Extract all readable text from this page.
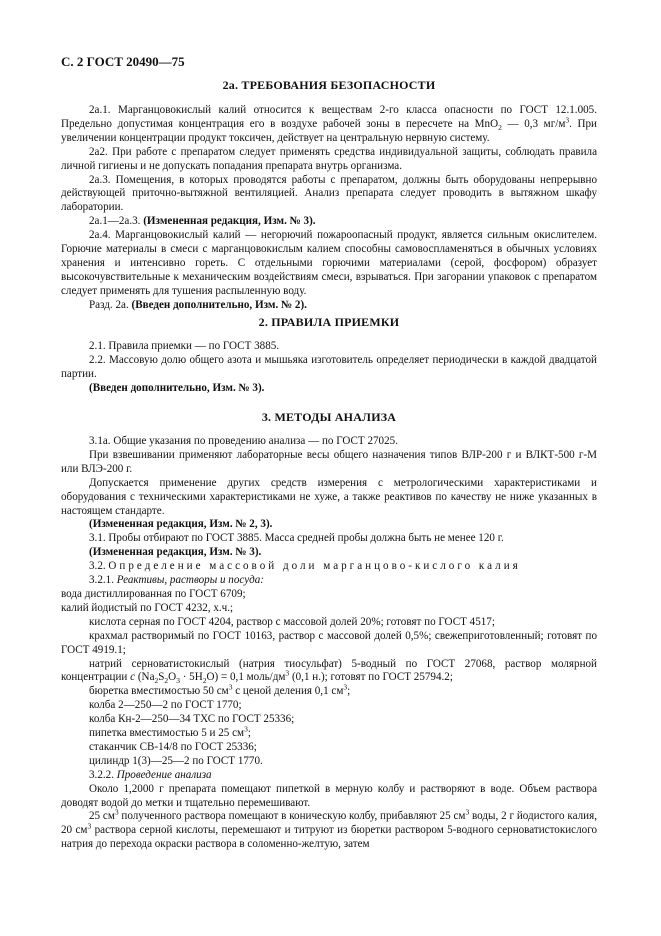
С. 2 ГОСТ 20490—75
2а. ТРЕБОВАНИЯ БЕЗОПАСНОСТИ

2а.1. Марганцовокислый калий относится к веществам 2-го класса опасности по ГОСТ 12.1.005. Предельно допустимая концентрация его в воздухе рабочей зоны в пересчете на MnO$_2$ — 0,3 $мг/м^3$. При увеличении концентрации продукт токсичен, действует на центральную нервную систему.

2а2. При работе с препаратом следует применять средства индивидуальной защиты, соблюдать правила личной гигиены и не допускать попадания препарата внутрь организма.

2а.3. Помещения, в которых проводятся работы с препаратом, должны быть оборудованы непрерывно действующей приточно-вытяжной вентиляцией. Анализ препарата следует проводить в вытяжном шкафу лаборатории.

2а.1—2а.3. (Измененная редакция, Изм. № 3).

2а.4. Марганцовокислый калий — негорючий пожароопасный продукт, является сильным окислителем. Горючие материалы в смеси с марганцовокислым калием способны самовоспламеняться в обычных условиях хранения и интенсивно гореть. С отдельными горючими материалами (серой, фосфором) образует высокочувствительные к механическим воздействиям смеси, взрываться. При загорании упаковок с препаратом следует применять для тушения распыленную воду.

Разд. 2а. (Введен дополнительно, Изм. № 2).

2. ПРАВИЛА ПРИЕМКИ

2.1. Правила приемки — по ГОСТ 3885.

2.2. Массовую долю общего азота и мышьяка изготовитель определяет периодически в каждой двадцатой партии.

(Введен дополнительно, Изм. № 3).

3. МЕТОДЫ АНАЛИЗА

3.1а. Общие указания по проведению анализа — по ГОСТ 27025.

При взвешивании применяют лабораторные весы общего назначения типов ВЛР-200 г и ВЛКТ-500 г-М или ВЛЭ-200 г.

Допускается применение других средств измерения с метрологическими характеристиками и оборудования с техническими характеристиками не хуже, а также реактивов по качеству не ниже указанных в настоящем стандарте.

(Измененная редакция, Изм. № 2, 3).

3.1. Пробы отбирают по ГОСТ 3885. Масса средней пробы должна быть не менее 120 г.

(Измененная редакция, Изм. № 3).

3.2. Определение массовой доли марганцово-кислого калия

3.2.1. Реактивы, растворы и посуда:

вода дистиллированная по ГОСТ 6709;

калий йодистый по ГОСТ 4232, х.ч.;

кислота серная по ГОСТ 4204, раствор с массовой долей 20%; готовят по ГОСТ 4517;

крахмал растворимый по ГОСТ 10163, раствор с массовой долей 0,5%; свежеприготовленный; готовят по ГОСТ 4919.1;

натрий серноватистокислый (натрия тиосульфат) 5-водный по ГОСТ 27068, раствор молярной концентрации c $(Na_2S_2O_3 \cdot 5H_2O) = 0,1$ моль/$дм^3$ (0,1 н.); готовят по ГОСТ 25794.2;

бюретка вместимостью 50 $см^3$ с ценой деления 0,1 $см^3$;

колба 2—250—2 по ГОСТ 1770;

колба Кн-2—250—34 ТХС по ГОСТ 25336;

пипетка вместимостью 5 и 25 $см^3$;

стаканчик СВ-14/8 по ГОСТ 25336;

цилиндр 1(3)—25—2 по ГОСТ 1770.

3.2.2. Проведение анализа

Около 1,2000 г препарата помещают пипеткой в мерную колбу и растворяют в воде. Объем раствора доводят водой до метки и тщательно перемешивают.

25 $см^3$ полученного раствора помещают в коническую колбу, прибавляют 25 $см^3$ воды, 2 г йодистого калия, 20 $см^3$ раствора серной кислоты, перемешают и титруют из бюретки раствором 5-водного серноватистокислого натрия до перехода окраски раствора в соломенно-желтую, затем
